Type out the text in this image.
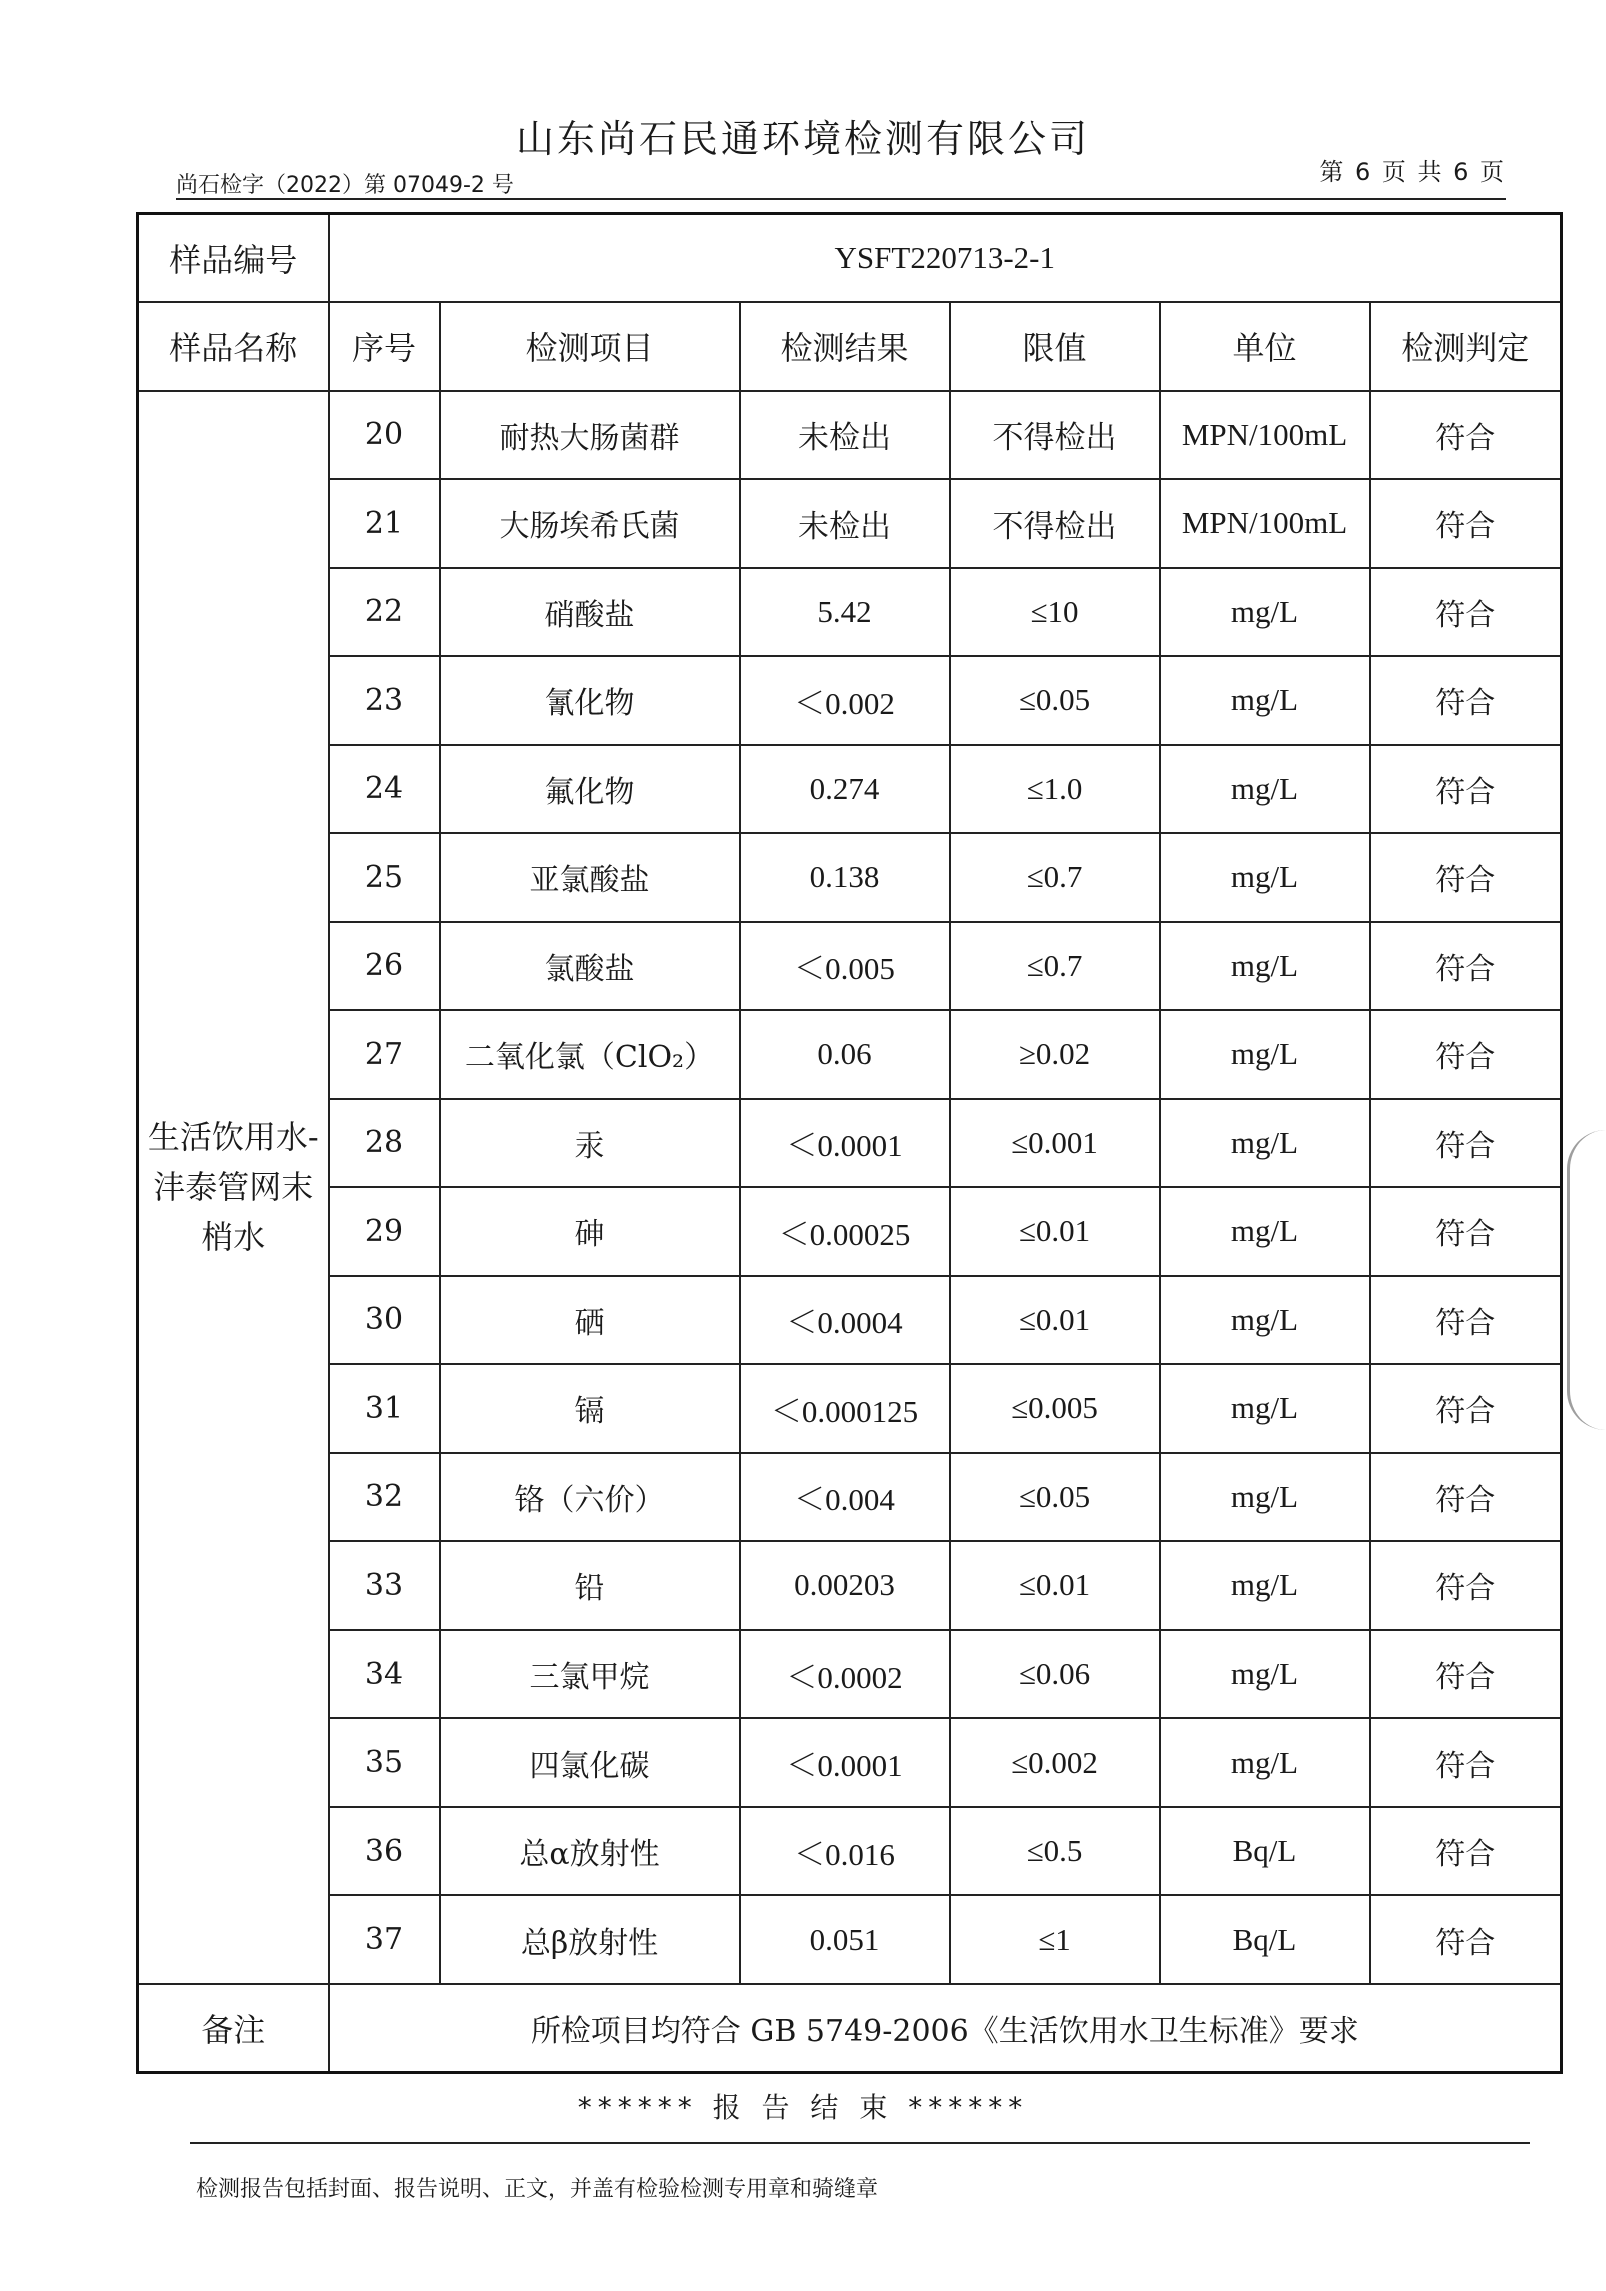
山东尚石民通环境检测有限公司
尚石检字（2022）第 07049-2 号	第 6 页 共 6 页
样品编号	YSFT220713-2-1					
样品名称	序号	检测项目	检测结果	限值	单位	检测判定
生活饮用水-沣泰管网末梢水	20	耐热大肠菌群	未检出	不得检出	MPN/100mL	符合
	21	大肠埃希氏菌	未检出	不得检出	MPN/100mL	符合
	22	硝酸盐	5.42	≤10	mg/L	符合
	23	氰化物	＜0.002	≤0.05	mg/L	符合
	24	氟化物	0.274	≤1.0	mg/L	符合
	25	亚氯酸盐	0.138	≤0.7	mg/L	符合
	26	氯酸盐	＜0.005	≤0.7	mg/L	符合
	27	二氧化氯（ClO₂）	0.06	≥0.02	mg/L	符合
	28	汞	＜0.0001	≤0.001	mg/L	符合
	29	砷	＜0.00025	≤0.01	mg/L	符合
	30	硒	＜0.0004	≤0.01	mg/L	符合
	31	镉	＜0.000125	≤0.005	mg/L	符合
	32	铬（六价）	＜0.004	≤0.05	mg/L	符合
	33	铅	0.00203	≤0.01	mg/L	符合
	34	三氯甲烷	＜0.0002	≤0.06	mg/L	符合
	35	四氯化碳	＜0.0001	≤0.002	mg/L	符合
	36	总α放射性	＜0.016	≤0.5	Bq/L	符合
	37	总β放射性	0.051	≤1	Bq/L	符合
备注	所检项目均符合 GB 5749-2006《生活饮用水卫生标准》要求					
****** 报 告 结 束 ******
检测报告包括封面、报告说明、正文，并盖有检验检测专用章和骑缝章
